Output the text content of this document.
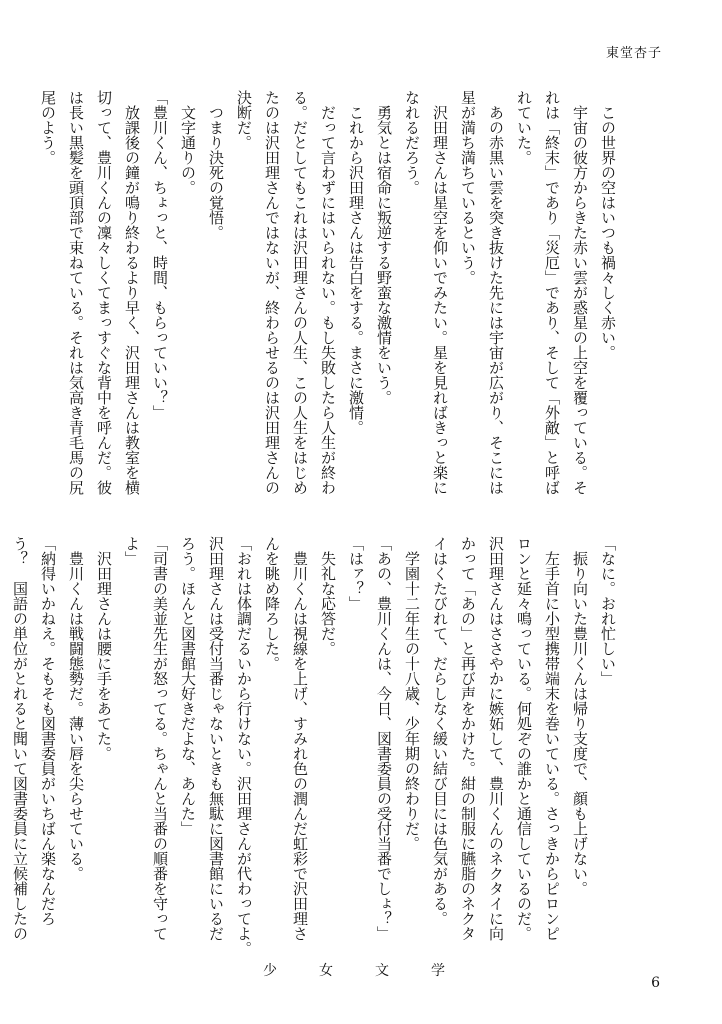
東堂杏子
　この世界の空はいつも禍々しく赤い。
　宇宙の彼方からきた赤い雲が惑星の上空を覆っている。そ
れは「終末」であり「災厄」であり、そして「外敵」と呼ば
れていた。
　あの赤黒い雲を突き抜けた先には宇宙が広がり、そこには
星が満ち満ちているという。
　沢田理さんは星空を仰いでみたい。星を見ればきっと楽に
なれるだろう。
　勇気とは宿命に叛逆する野蛮な激情をいう。
　これから沢田理さんは告白をする。まさに激情。
　だって言わずにはいられない。もし失敗したら人生が終わ
る。だとしてもこれは沢田理さんの人生、この人生をはじめ
たのは沢田理さんではないが、終わらせるのは沢田理さんの
決断だ。
　つまり決死の覚悟。
　文字通りの。
「豊川くん、ちょっと、時間、もらっていい？」
　放課後の鐘が鳴り終わるより早く、沢田理さんは教室を横
切って、豊川くんの凜々しくてまっすぐな背中を呼んだ。彼
は長い黒髪を頭頂部で束ねている。それは気高き青毛馬の尻
尾のよう。
「なに。おれ忙しい」
　振り向いた豊川くんは帰り支度で、顔も上げない。
　左手首に小型携帯端末を巻いている。さっきからピロンピ
ロンと延々鳴っている。何処ぞの誰かと通信しているのだ。
沢田理さんはささやかに嫉妬して、豊川くんのネクタイに向
かって「あの」と再び声をかけた。紺の制服に臙脂のネクタ
イはくたびれて、だらしなく緩い結び目には色気がある。
　学園十二年生の十八歳、少年期の終わりだ。
「あの、豊川くんは、今日、図書委員の受付当番でしょ？」
「はァ？」
　失礼な応答だ。
　豊川くんは視線を上げ、すみれ色の潤んだ虹彩で沢田理さ
んを眺め降ろした。
「おれは体調だるいから行けない。沢田理さんが代わってよ。
沢田理さんは受付当番じゃないときも無駄に図書館にいるだ
ろう。ほんと図書館大好きだよな、あんた」
「司書の美並先生が怒ってる。ちゃんと当番の順番を守って
よ」
　沢田理さんは腰に手をあてた。
　豊川くんは戦闘態勢だ。薄い唇を尖らせている。
「納得いかねえ。そもそも図書委員がいちばん楽なんだろ
う？　国語の単位がとれると聞いて図書委員に立候補したの
少　女　文　学
6
